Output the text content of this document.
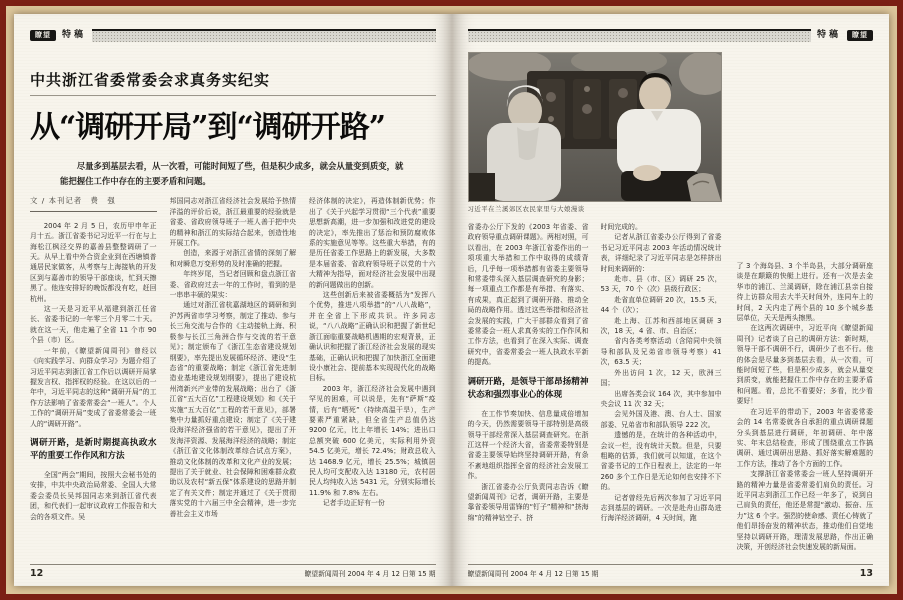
瞭望	特稿
中共浙江省委常委会求真务实纪实
从“调研开局”到“调研开路”
尽量多到基层去看，从一次看，可能时间短了些，但是积少成多，就会从量变到质变，就能把握住工作中存在的主要矛盾和问题。
文 / 本刊记者　费　强

2004 年 2 月 5 日，农历甲申年正月十五。浙江省委书记习近平一行在与上海松江枫泾交界的嘉善县整整调研了一天。从早上看中外合资企业到在西塘镇普通居民家做客，从考察与上海接轨的开发区到与嘉善市的领导干部座谈，忙到天擦黑了。他连安排好的晚饭都没有吃，赶回杭州。

这一天是习近平从福建到浙江任省长、省委书记的一年零三个月零二十天。就在这一天，他走遍了全省 11 个市 90 个县（市）区。

一年前，《瞭望新闻周刊》曾经以《向实践学习、向群众学习》为题介绍了习近平同志到浙江省工作后以调研开局掌握发言权、指挥权的经验。在这以后的一年中，习近平同志的这种“调研开局”的工作方法影响了省委常委会“一班人”。个人工作的“调研开局”变成了省委常委会一班人的“调研开路”。

调研开路，是新时期提高执政水平的重要工作作风和方法

全国“两会”期间，按照大会秘书处的安排，中共中央政治局常委、全国人大常委会委员长吴邦国同志来到浙江省代表团，和代表们一起审议政府工作报告和大会的各项文件。吴

邦国同志对浙江省经济社会发展给予热情洋溢的评价后说，浙江最重要的经验就是省委、省政府领导班子一班人善于把中央的精神和浙江的实际结合起来，创造性地开展工作。

创造，来源于对浙江省情的深刻了解和对瞬息万变形势的及时准确的把握。

年终岁尾，当记者回顾和盘点浙江省委、省政府过去一年的工作时，看到的是一串串丰硕的果实：

通过对浙江省杭嘉湖地区的调研和到沪苏两省市学习考察，制定了推动、参与长三角交流与合作的《主动接轨上海、积极参与长江三角洲合作与交流的若干意见》；制定颁布了《浙江生态省建设规划纲要》，率先提出发展循环经济、建设“生态省”的重要战略；制定《浙江省先进制造业基地建设规划纲要》，提出了建设杭州湾新兴产业带的发展战略；出台了《浙江省“五大百亿”工程建设规划》和《关于实施“五大百亿”工程的若干意见》，部署集中力量抓好重点建设；制定了《关于建设海洋经济强省的若干意见》，提出了开发海洋资源、发展海洋经济的战略；制定《浙江省文化体制改革综合试点方案》，推动文化体制的改革和文化产业的发展；提出了关于就业、社会保障和困难群众救助以及农村“新五保”体系建设的思路并制定了有关文件；制定并通过了《关于贯彻落实党的十六届三中全会精神，进一步完善社会主义市场

经济体制的决定》，再造体制新优势；作出了《关于兴起学习贯彻“三个代表”重要思想新高潮，进一步加强和改进党的建设的决定》，率先推出了惩治和预防腐败体系的实施意见等等。这些重大举措，有的是历任省委工作思路上的新发展，大多数是本届省委、省政府领导班子以党的十六大精神为指导，面对经济社会发展中出现的新问题做出的创新。

这些创新后来被省委概括为“发挥八个优势，推进八项举措”的“八八战略”，并在全省上下形成共识。许多同志说，“八八战略”正确认识和把握了新世纪浙江面临重要战略机遇期的宏观背景，正确认识和把握了浙江经济社会发展的现实基础，正确认识和把握了加快浙江全面建设小康社会、提前基本实现现代化的战略目标。

2003 年，浙江经济社会发展中遇到罕见的困难，可以说是，先有“萨斯”疫情，后有“晒死”（持续高温干旱），生产要素严重紧缺，但全省生产总值仍达 9200 亿元，比上年增长 14%；进出口总额突破 600 亿美元，实际利用外资 54.5 亿美元，增长 72.4%；财政总收入达 1468.9 亿元，增长 25.5%；城镇居民人均可支配收入达 13180 元，农村居民人均纯收入达 5431 元，分别实际增长 11.9% 和 7.8% 左右。

记者手边正好有一份

12	瞭望新闻周刊 2004 年 4 月 12 日第 15 期
特稿	瞭望
习近平在兰溪郊区农民家里与大娘漫谈

省委办公厅下发的《2003 年省委、省政府领导重点调研课题》。两相对照，可以看出，在 2003 年浙江省委作出的一项项重大举措和工作中取得的成绩背后，几乎每一项举措都有省委主要领导和常委带头深入基层调查研究的身影；每一项重点工作都是有举措、有落实、有成果，真正起到了调研开路、推动全局的战略作用。透过这些举措和经济社会发展的实践，广大干部群众看到了省委常委会一班人求真务实的工作作风和工作方法，也看到了在深入实际、调查研究中，省委常委会一班人执政水平新的提高。

调研开路，是领导干部昂扬精神状态和强烈事业心的体现

在工作节奏加快、信息量成倍增加的今天，仍然需要领导干部特别是高级领导干部经常深入基层调查研究。在浙江这样一个经济大省，省委常委特别是省委主要领导始终坚持调研开路，有条不紊地组织指挥全省的经济社会发展工作。

浙江省委办公厅负责同志告诉《瞭望新闻周刊》记者，调研开路，主要是靠省委领导用雷锋的“钉子”精神和“挤海绵”的精神钻空子、挤

时间完成的。

记者从浙江省委办公厅得到了省委书记习近平同志 2003 年活动情况统计表，详细纪录了习近平同志是怎样挤出时间来调研的：

赴市、县（市、区）调研 25 次，53 天，70 个（次）县级行政区；

赴省直单位调研 20 次，15.5 天，44 个（次）；

赴上海、江苏和西部地区调研 3 次，18 天，4 省、市、自治区；

省内各类考察活动（含陪同中央领导和部队及兄弟省市领导考察）41 次，63.5 天；

外出访问 1 次，12 天，欧洲三国；

出席各类会议 164 次，其中参加中央会议 11 次 32 天；

会见外国及港、澳、台人士、国家部委、兄弟省市和部队领导 222 次。

遗憾的是，在统计的各种活动中，会议一栏，没有统计天数。但是，只要粗略的估算，我们就可以知道，在这个省委书记的工作日程表上，法定的一年 260 多个工作日是无论如何也安排不下的。

记者曾经先后两次参加了习近平同志到基层的调研。一次是赴舟山群岛进行海洋经济调研，4 天时间，跑

了 3 个海岛县、3 个半岛县，大部分调研座谈是在颠簸的快艇上进行。还有一次是去金华市的浦江、兰溪调研，除在浦江县亲自接待上访群众用去大半天时间外，连同车上的时间，2 天内走了两个县的 10 多个城乡基层单位，天天是两头擦黑。

在这两次调研中，习近平向《瞭望新闻周刊》记者谈了自己的调研方法：新时期，领导干部不调研不行，调研少了也不行。他的体会是尽量多到基层去看，从一次看，可能时间短了些，但是积少成多，就会从量变到质变，就能把握住工作中存在的主要矛盾和问题。看，总比不看要好；多看，比少看要好！

在习近平的带动下，2003 年省委常委会的 14 名常委就各自承担的重点调研课题分头到基层进行调研，年初调研、年中落实、年末总结检查，形成了围绕重点工作搞调研、通过调研出思路、抓好落实解难题的工作方法，推动了各个方面的工作。

支撑浙江省委常委会一班人坚持调研开路的精神力量是省委常委们肩负的责任。习近平同志到浙江工作已经一年多了，说到自己肩负的责任，他还是常提“激动、振奋、压力”这 6 个字。强烈的使命感、责任心铸就了他们昂扬奋发的精神状态，推动他们自觉地坚持以调研开路，理清发展思路，作出正确决策，开创经济社会快速发展的新局面。

瞭望新闻周刊 2004 年 4 月 12 日第 15 期	13
